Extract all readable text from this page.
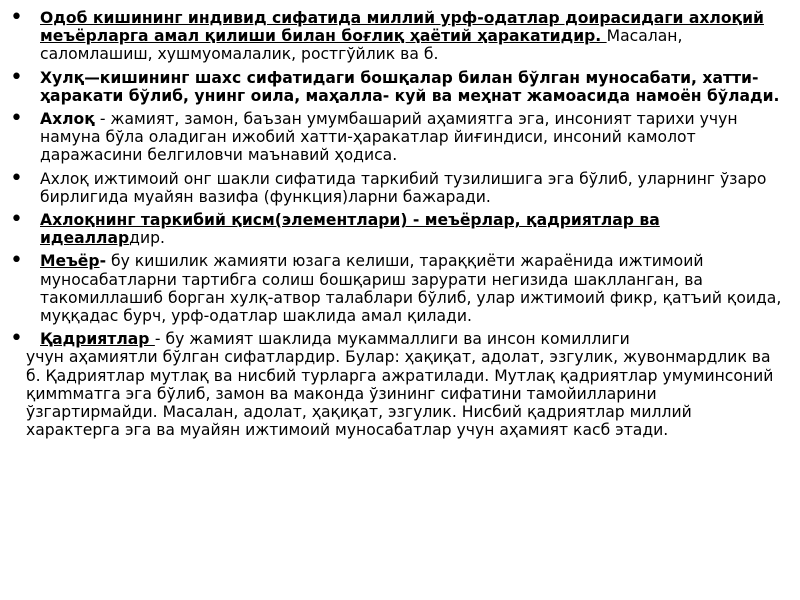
• Одоб кишининг индивид сифатида миллий урф-одатлар доирасидаги ахлоқий меъёрларга амал қилиши билан боғлиқ ҳаётий ҳаракатидир. Масалан, саломлашиш, хушмуомалалик, ростгўйлик ва б.
• Хулқ—кишининг шахс сифатидаги бошқалар билан бўлган муносабати, хатти-ҳаракати бўлиб, унинг оила, маҳалла- куй ва меҳнат жамоасида намоён бўлади.
• Ахлоқ - жамият, замон, баъзан умумбашарий аҳамиятга эга, инсоният тарихи учун намуна бўла оладиган ижобий хатти-ҳаракатлар йиғиндиси, инсоний камолот даражасини белгиловчи маънавий ҳодиса.
• Ахлоқ ижтимоий онг шакли сифатида таркибий тузилишига эга бўлиб, уларнинг ўзаро бирлигида муайян вазифа (функция)ларни бажаради.
• Ахлоқнинг таркибий қисм(элементлари) - меъёрлар, қадриятлар ва идеаллардир.
• Меъёр- бу кишилик жамияти юзага келиши, тараққиёти жараёнида ижтимоий муносабатларни тартибга солиш бошқариш зарурати негизида шаклланган, ва такомиллашиб борган хулқ-атвор талаблари бўлиб, улар ижтимоий фикр, қатъий қоида, муққадас бурч, урф-одатлар шаклида амал қилади.
• Қадриятлар - бу жамият шаклида мукаммаллиги ва инсон комиллиги
учун аҳамиятли бўлган сифатлардир. Булар: ҳақиқат, адолат, эзгулик, жувонмардлик ва б. Қадриятлар мутлақ ва нисбий турларга ажратилади. Мутлақ қадриятлар умуминсоний қимmматга эга бўлиб, замон ва маконда ўзининг сифатини тамойилларини ўзгартирмайди. Масалан, адолат, ҳақиқат, эзгулик. Нисбий қадриятлар миллий характерга эга ва муайян ижтимоий муносабатлар учун аҳамият касб этади.
